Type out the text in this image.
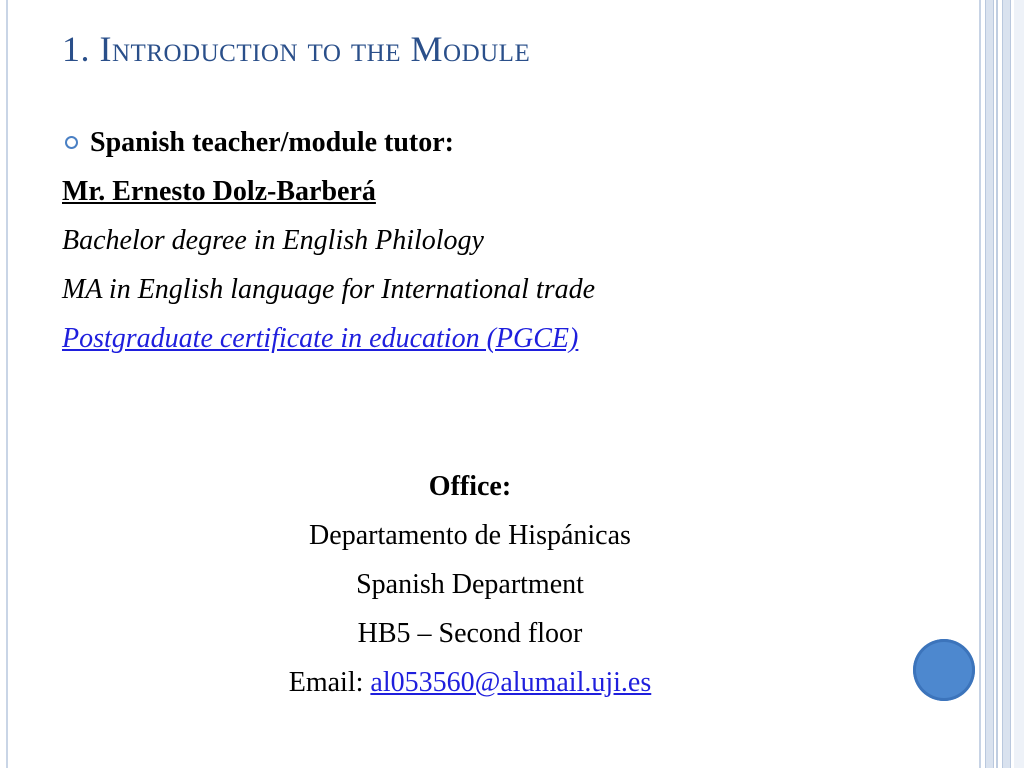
1. Introduction to the Module
Spanish teacher/module tutor:
Mr. Ernesto Dolz-Barberá
Bachelor degree in English Philology
MA in English language for International trade
Postgraduate certificate in education (PGCE)
Office:
Departamento de Hispánicas
Spanish Department
HB5 – Second floor
Email: al053560@alumail.uji.es
